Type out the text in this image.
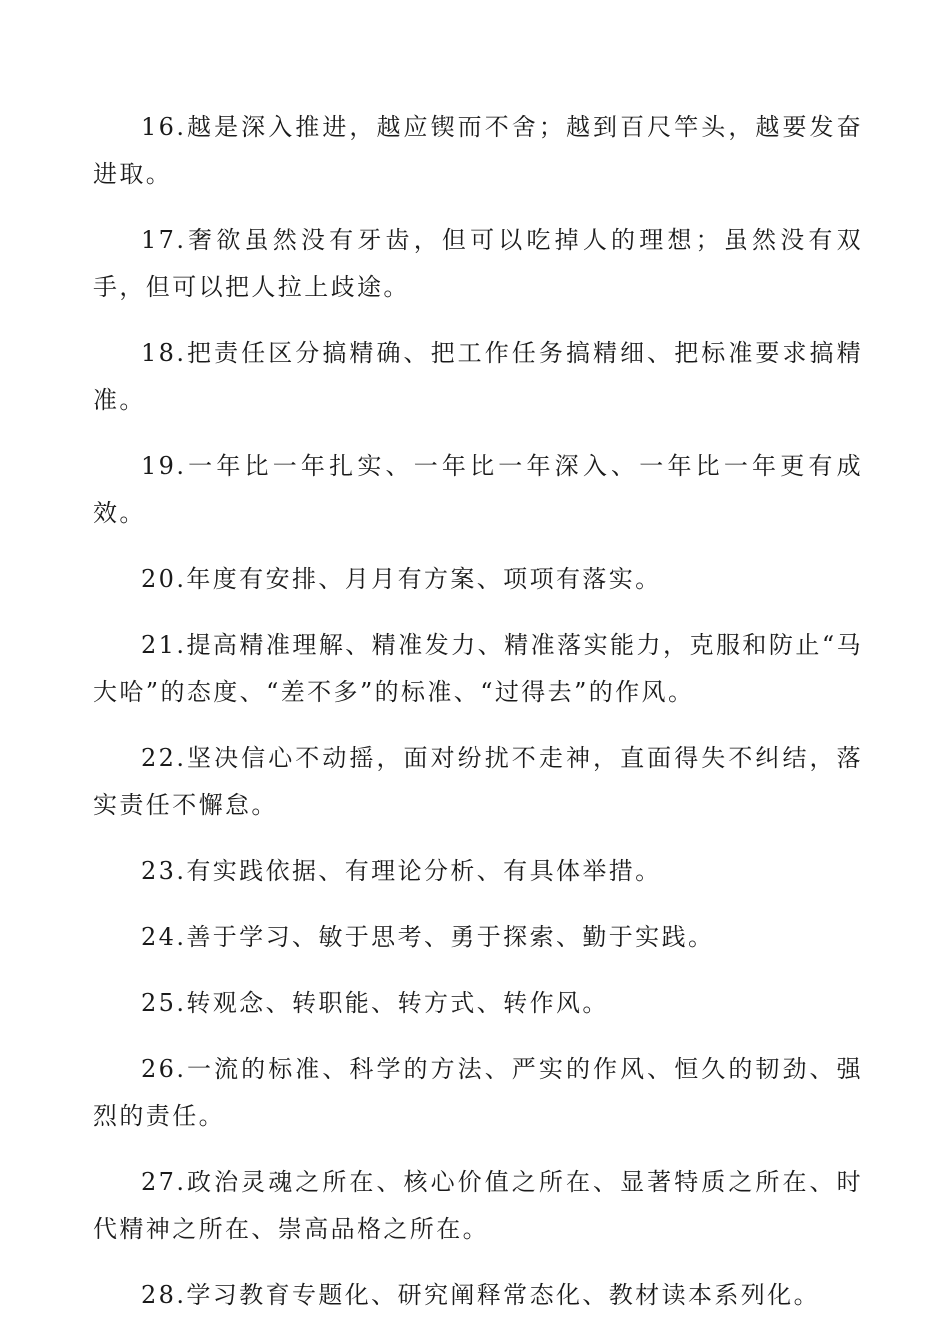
16.越是深入推进，越应锲而不舍；越到百尺竿头，越要发奋进取。

17.奢欲虽然没有牙齿，但可以吃掉人的理想；虽然没有双手，但可以把人拉上歧途。

18.把责任区分搞精确、把工作任务搞精细、把标准要求搞精准。

19.一年比一年扎实、一年比一年深入、一年比一年更有成效。

20.年度有安排、月月有方案、项项有落实。

21.提高精准理解、精准发力、精准落实能力，克服和防止“马大哈”的态度、“差不多”的标准、“过得去”的作风。

22.坚决信心不动摇，面对纷扰不走神，直面得失不纠结，落实责任不懈怠。

23.有实践依据、有理论分析、有具体举措。

24.善于学习、敏于思考、勇于探索、勤于实践。

25.转观念、转职能、转方式、转作风。

26.一流的标准、科学的方法、严实的作风、恒久的韧劲、强烈的责任。

27.政治灵魂之所在、核心价值之所在、显著特质之所在、时代精神之所在、崇高品格之所在。

28.学习教育专题化、研究阐释常态化、教材读本系列化。
